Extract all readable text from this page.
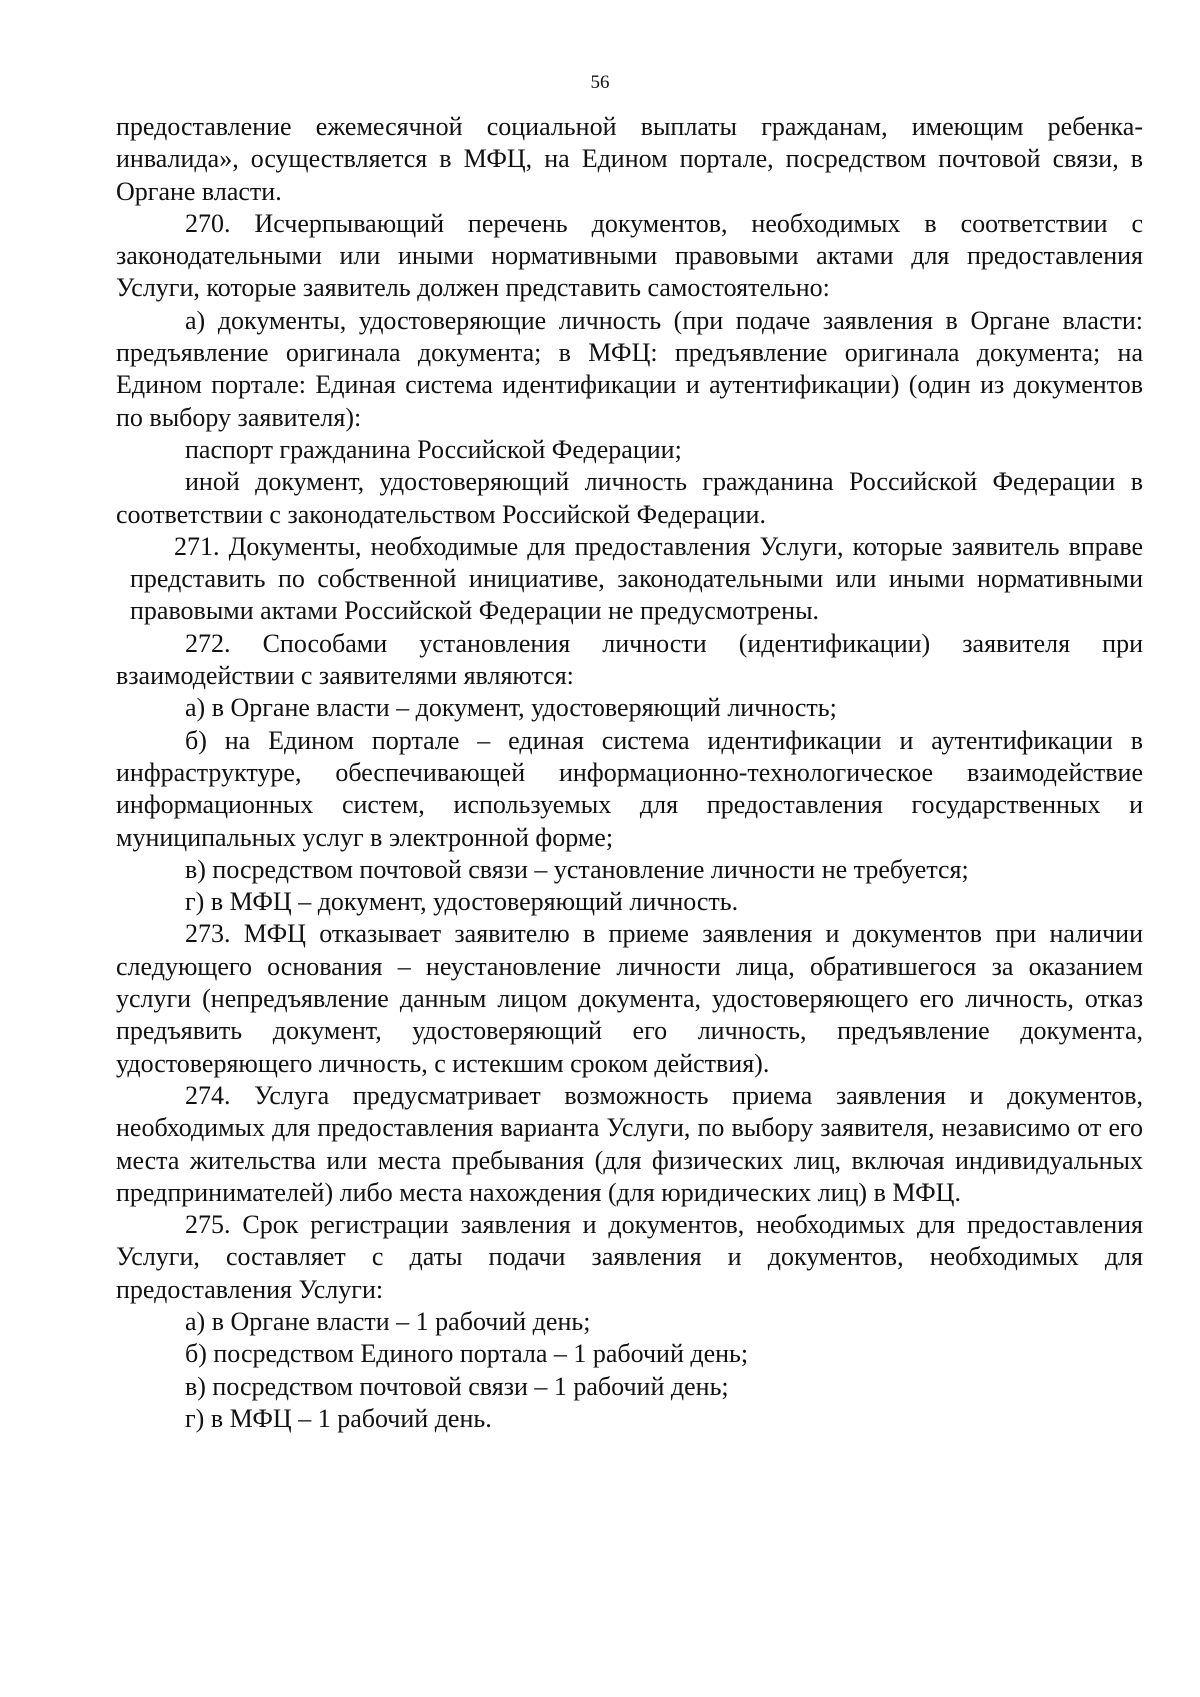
56

предоставление ежемесячной социальной выплаты гражданам, имеющим ребенка-инвалида», осуществляется в МФЦ, на Едином портале, посредством почтовой связи, в Органе власти.

270. Исчерпывающий перечень документов, необходимых в соответствии с законодательными или иными нормативными правовыми актами для предоставления Услуги, которые заявитель должен представить самостоятельно:

а) документы, удостоверяющие личность (при подаче заявления в Органе власти: предъявление оригинала документа; в МФЦ: предъявление оригинала документа; на Едином портале: Единая система идентификации и аутентификации) (один из документов по выбору заявителя):

паспорт гражданина Российской Федерации;

иной документ, удостоверяющий личность гражданина Российской Федерации в соответствии с законодательством Российской Федерации.

271. Документы, необходимые для предоставления Услуги, которые заявитель вправе представить по собственной инициативе, законодательными или иными нормативными правовыми актами Российской Федерации не предусмотрены.

272. Способами установления личности (идентификации) заявителя при взаимодействии с заявителями являются:

а) в Органе власти – документ, удостоверяющий личность;

б) на Едином портале – единая система идентификации и аутентификации в инфраструктуре, обеспечивающей информационно-технологическое взаимодействие информационных систем, используемых для предоставления государственных и муниципальных услуг в электронной форме;

в) посредством почтовой связи – установление личности не требуется;

г) в МФЦ – документ, удостоверяющий личность.

273. МФЦ отказывает заявителю в приеме заявления и документов при наличии следующего основания – неустановление личности лица, обратившегося за оказанием услуги (непредъявление данным лицом документа, удостоверяющего его личность, отказ предъявить документ, удостоверяющий его личность, предъявление документа, удостоверяющего личность, с истекшим сроком действия).

274. Услуга предусматривает возможность приема заявления и документов, необходимых для предоставления варианта Услуги, по выбору заявителя, независимо от его места жительства или места пребывания (для физических лиц, включая индивидуальных предпринимателей) либо места нахождения (для юридических лиц) в МФЦ.

275. Срок регистрации заявления и документов, необходимых для предоставления Услуги, составляет с даты подачи заявления и документов, необходимых для предоставления Услуги:

а) в Органе власти – 1 рабочий день;

б) посредством Единого портала – 1 рабочий день;

в) посредством почтовой связи – 1 рабочий день;

г) в МФЦ – 1 рабочий день.
